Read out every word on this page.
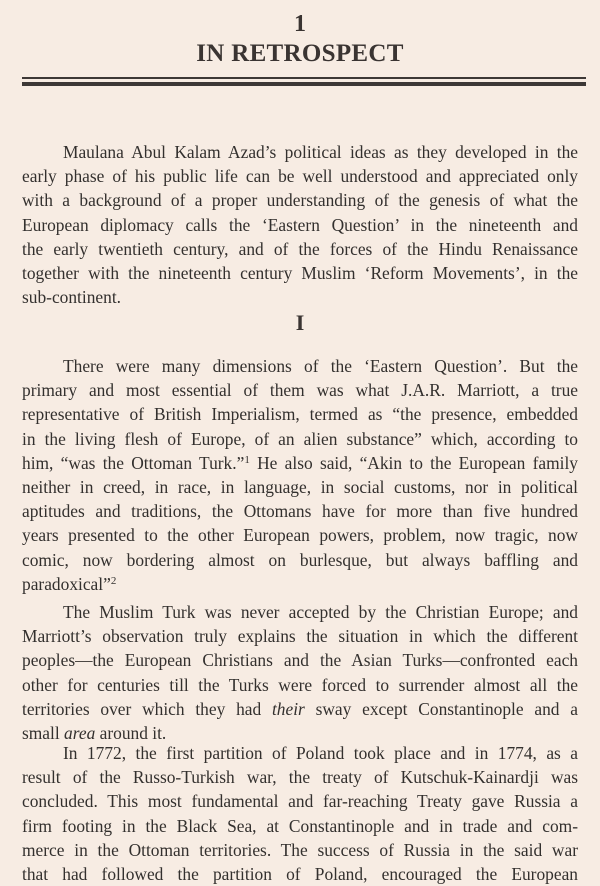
1
IN RETROSPECT
Maulana Abul Kalam Azad’s political ideas as they developed in the
early phase of his public life can be well understood and appreciated only
with a background of a proper understanding of the genesis of what the
European diplomacy calls the ‘Eastern Question’ in the nineteenth and
the early twentieth century, and of the forces of the Hindu Renaissance
together with the nineteenth century Muslim ‘Reform Movements’, in the
sub-continent.
I
There were many dimensions of the ‘Eastern Question’. But the
primary and most essential of them was what J.A.R. Marriott, a true
representative of British Imperialism, termed as “the presence, embedded
in the living flesh of Europe, of an alien substance” which, according to
him, “was the Ottoman Turk.”$^1$ He also said, “Akin to the European family
neither in creed, in race, in language, in social customs, nor in political
aptitudes and traditions, the Ottomans have for more than five hundred
years presented to the other European powers, problem, now tragic, now
comic, now bordering almost on burlesque, but always baffling and
paradoxical”$^2$
The Muslim Turk was never accepted by the Christian Europe; and
Marriott’s observation truly explains the situation in which the different
peoples—the European Christians and the Asian Turks—confronted each
other for centuries till the Turks were forced to surrender almost all the
territories over which they had their sway except Constantinople and a
small area around it.
In 1772, the first partition of Poland took place and in 1774, as a
result of the Russo-Turkish war, the treaty of Kutschuk-Kainardji was
concluded. This most fundamental and far-reaching Treaty gave Russia a
firm footing in the Black Sea, at Constantinople and in trade and com-
merce in the Ottoman territories. The success of Russia in the said war
that had followed the partition of Poland, encouraged the European
